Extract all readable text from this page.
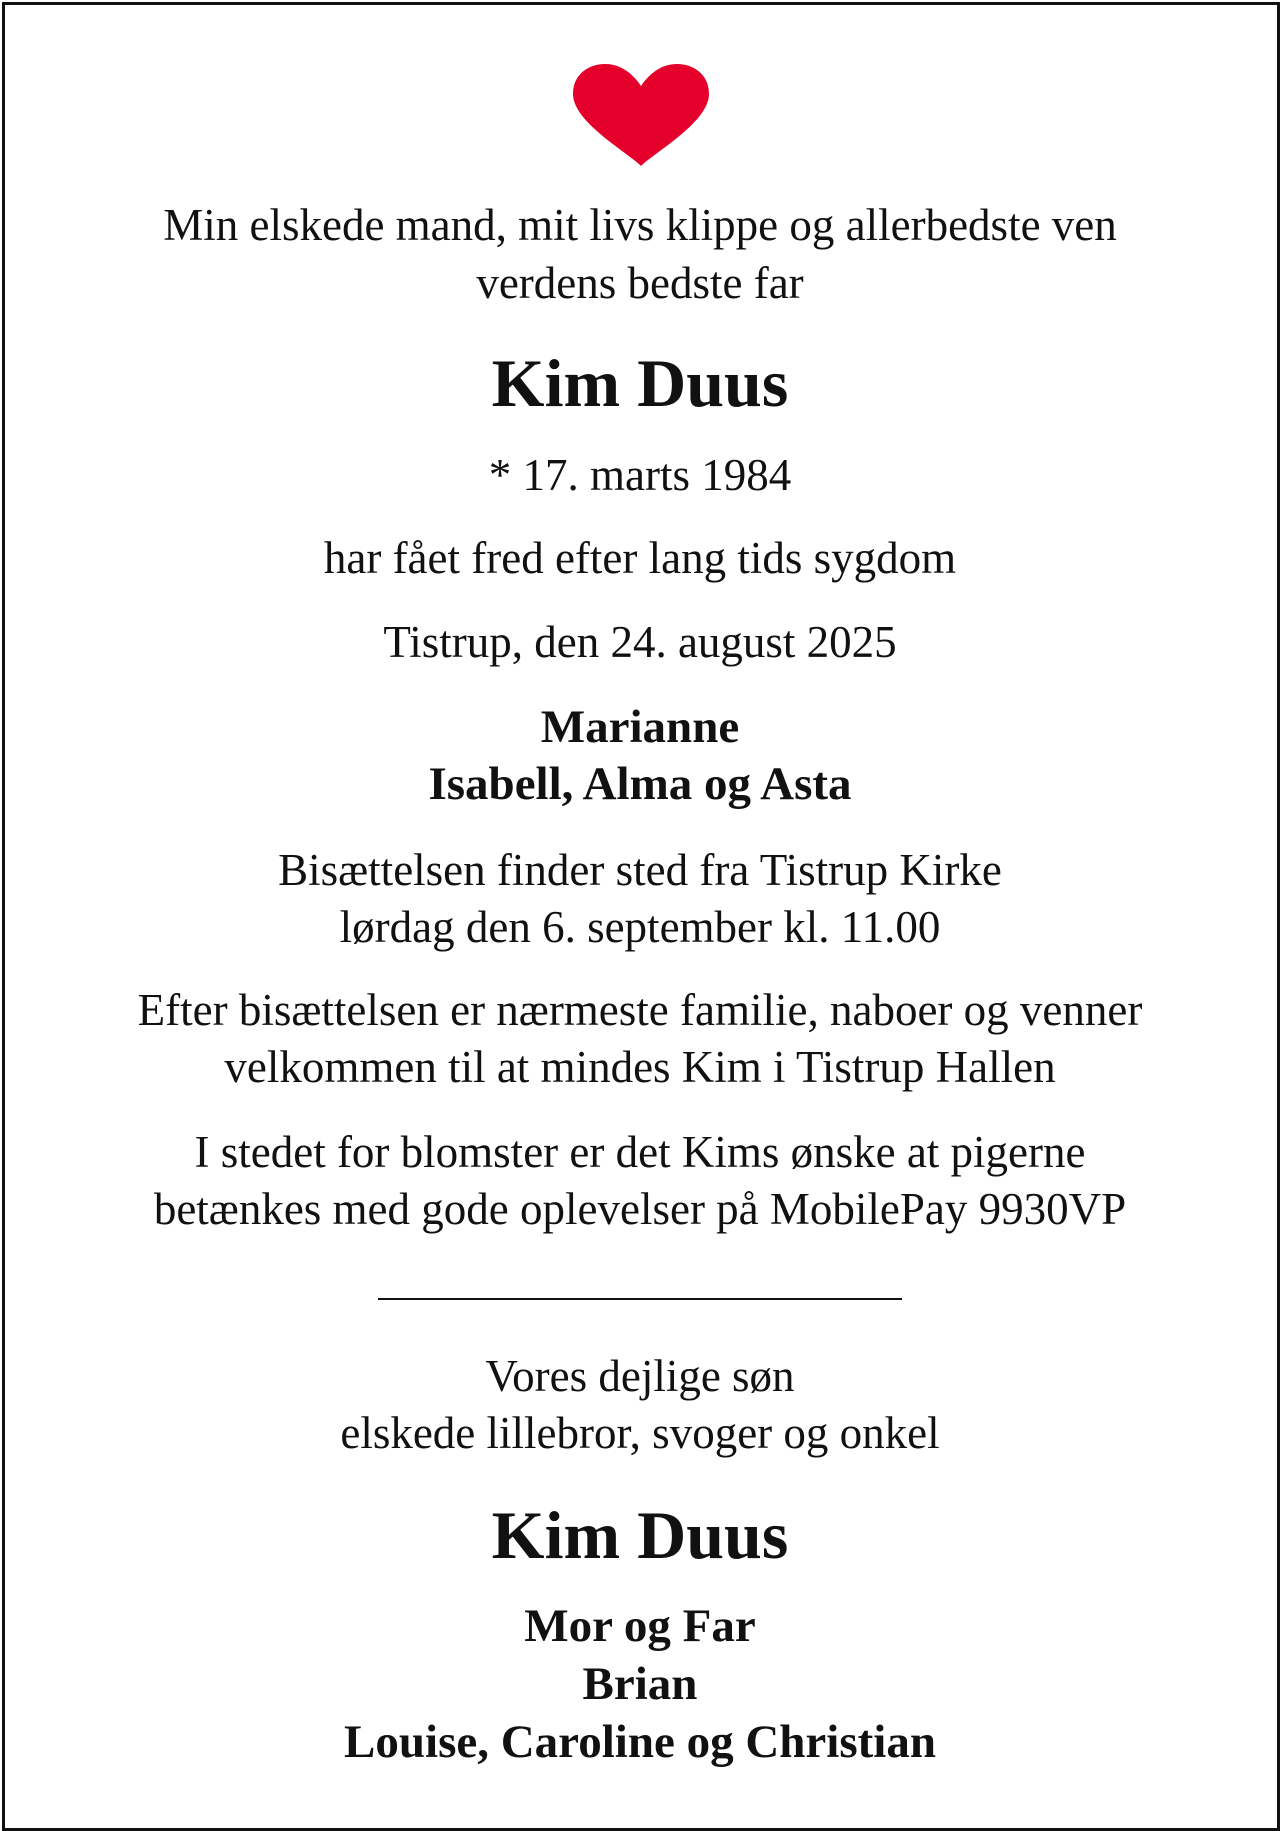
Min elskede mand, mit livs klippe og allerbedste ven

verdens bedste far

Kim Duus

* 17. marts 1984

har fået fred efter lang tids sygdom

Tistrup, den 24. august 2025

Marianne

Isabell, Alma og Asta

Bisættelsen finder sted fra Tistrup Kirke

lørdag den 6. september kl. 11.00

Efter bisættelsen er nærmeste familie, naboer og venner

velkommen til at mindes Kim i Tistrup Hallen

I stedet for blomster er det Kims ønske at pigerne

betænkes med gode oplevelser på MobilePay 9930VP

Vores dejlige søn

elskede lillebror, svoger og onkel

Kim Duus

Mor og Far

Brian

Louise, Caroline og Christian
